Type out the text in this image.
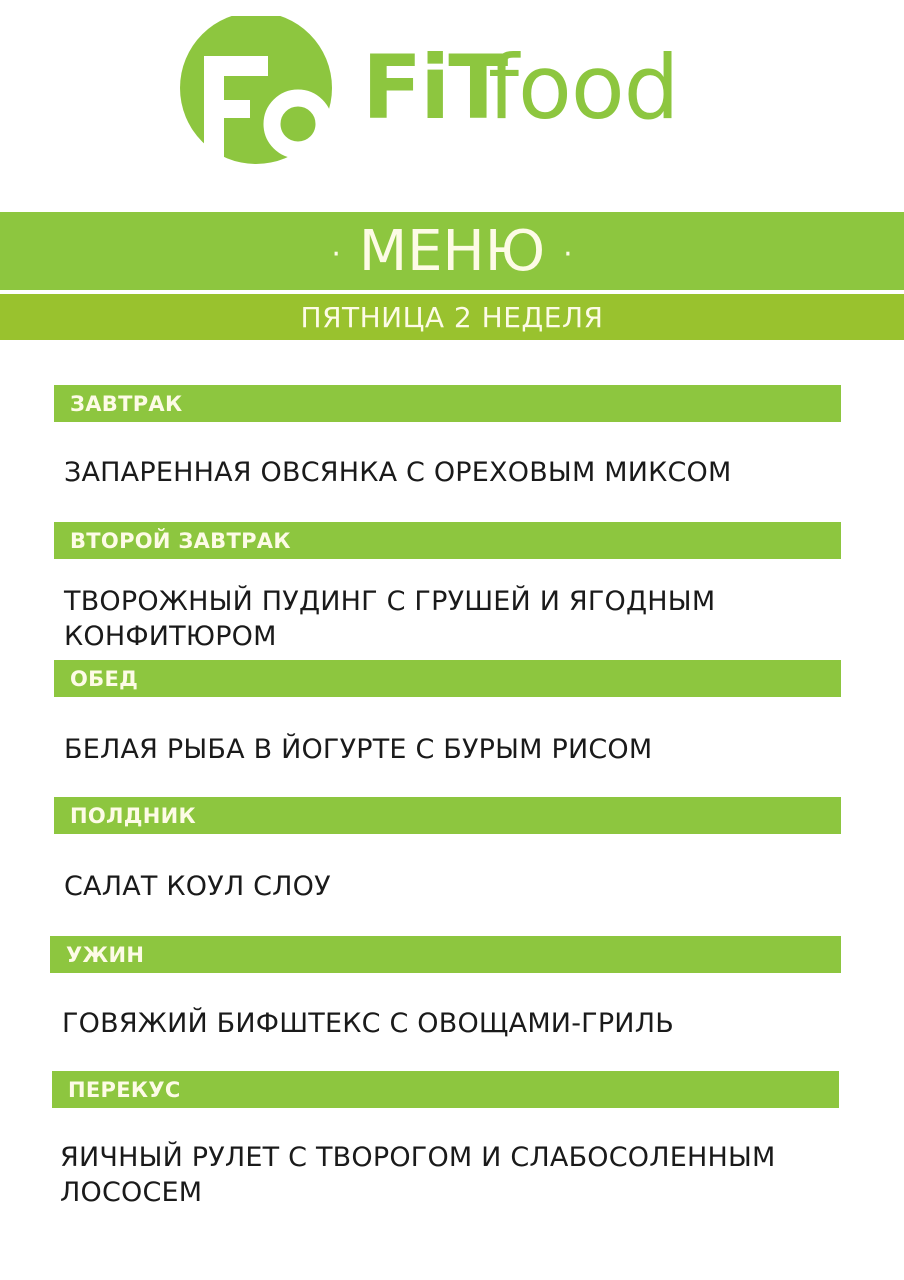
FiT
food
· МЕНЮ ·
ПЯТНИЦА 2 НЕДЕЛЯ
ЗАВТРАК
ЗАПАРЕННАЯ ОВСЯНКА С ОРЕХОВЫМ МИКСОМ
ВТОРОЙ ЗАВТРАК
ТВОРОЖНЫЙ ПУДИНГ С ГРУШЕЙ И ЯГОДНЫМ КОНФИТЮРОМ
ОБЕД
БЕЛАЯ РЫБА В ЙОГУРТЕ С БУРЫМ РИСОМ
ПОЛДНИК
САЛАТ КОУЛ СЛОУ
УЖИН
ГОВЯЖИЙ БИФШТЕКС С ОВОЩАМИ-ГРИЛЬ
ПЕРЕКУС
ЯИЧНЫЙ РУЛЕТ С ТВОРОГОМ И СЛАБОСОЛЕННЫМ ЛОСОСЕМ
